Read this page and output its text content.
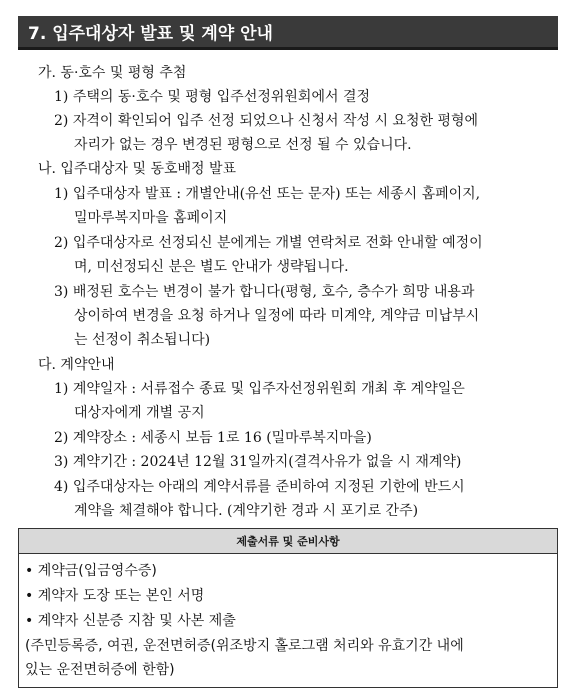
7. 입주대상자 발표 및 계약 안내
가. 동·호수 및 평형 추첨
1) 주택의 동·호수 및 평형 입주선정위원회에서 결정
2) 자격이 확인되어 입주 선정 되었으나 신청서 작성 시 요청한 평형에
자리가 없는 경우 변경된 평형으로 선정 될 수 있습니다.
나. 입주대상자 및 동호배정 발표
1) 입주대상자 발표 : 개별안내(유선 또는 문자) 또는 세종시 홈페이지,
밀마루복지마을 홈페이지
2) 입주대상자로 선정되신 분에게는 개별 연락처로 전화 안내할 예정이
며, 미선정되신 분은 별도 안내가 생략됩니다.
3) 배정된 호수는 변경이 불가 합니다(평형, 호수, 층수가 희망 내용과
상이하여 변경을 요청 하거나 일정에 따라 미계약, 계약금 미납부시
는 선정이 취소됩니다)
다. 계약안내
1) 계약일자 : 서류접수 종료 및 입주자선정위원회 개최 후 계약일은
대상자에게 개별 공지
2) 계약장소 : 세종시 보듬 1로 16 (밀마루복지마을)
3) 계약기간 : 2024년 12월 31일까지(결격사유가 없을 시 재계약)
4) 입주대상자는 아래의 계약서류를 준비하여 지정된 기한에 반드시
계약을 체결해야 합니다. (계약기한 경과 시 포기로 간주)
제출서류 및 준비사항
• 계약금(입금영수증)
• 계약자 도장 또는 본인 서명
• 계약자 신분증 지참 및 사본 제출
(주민등록증, 여권, 운전면허증(위조방지 홀로그램 처리와 유효기간 내에
있는 운전면허증에 한함)
